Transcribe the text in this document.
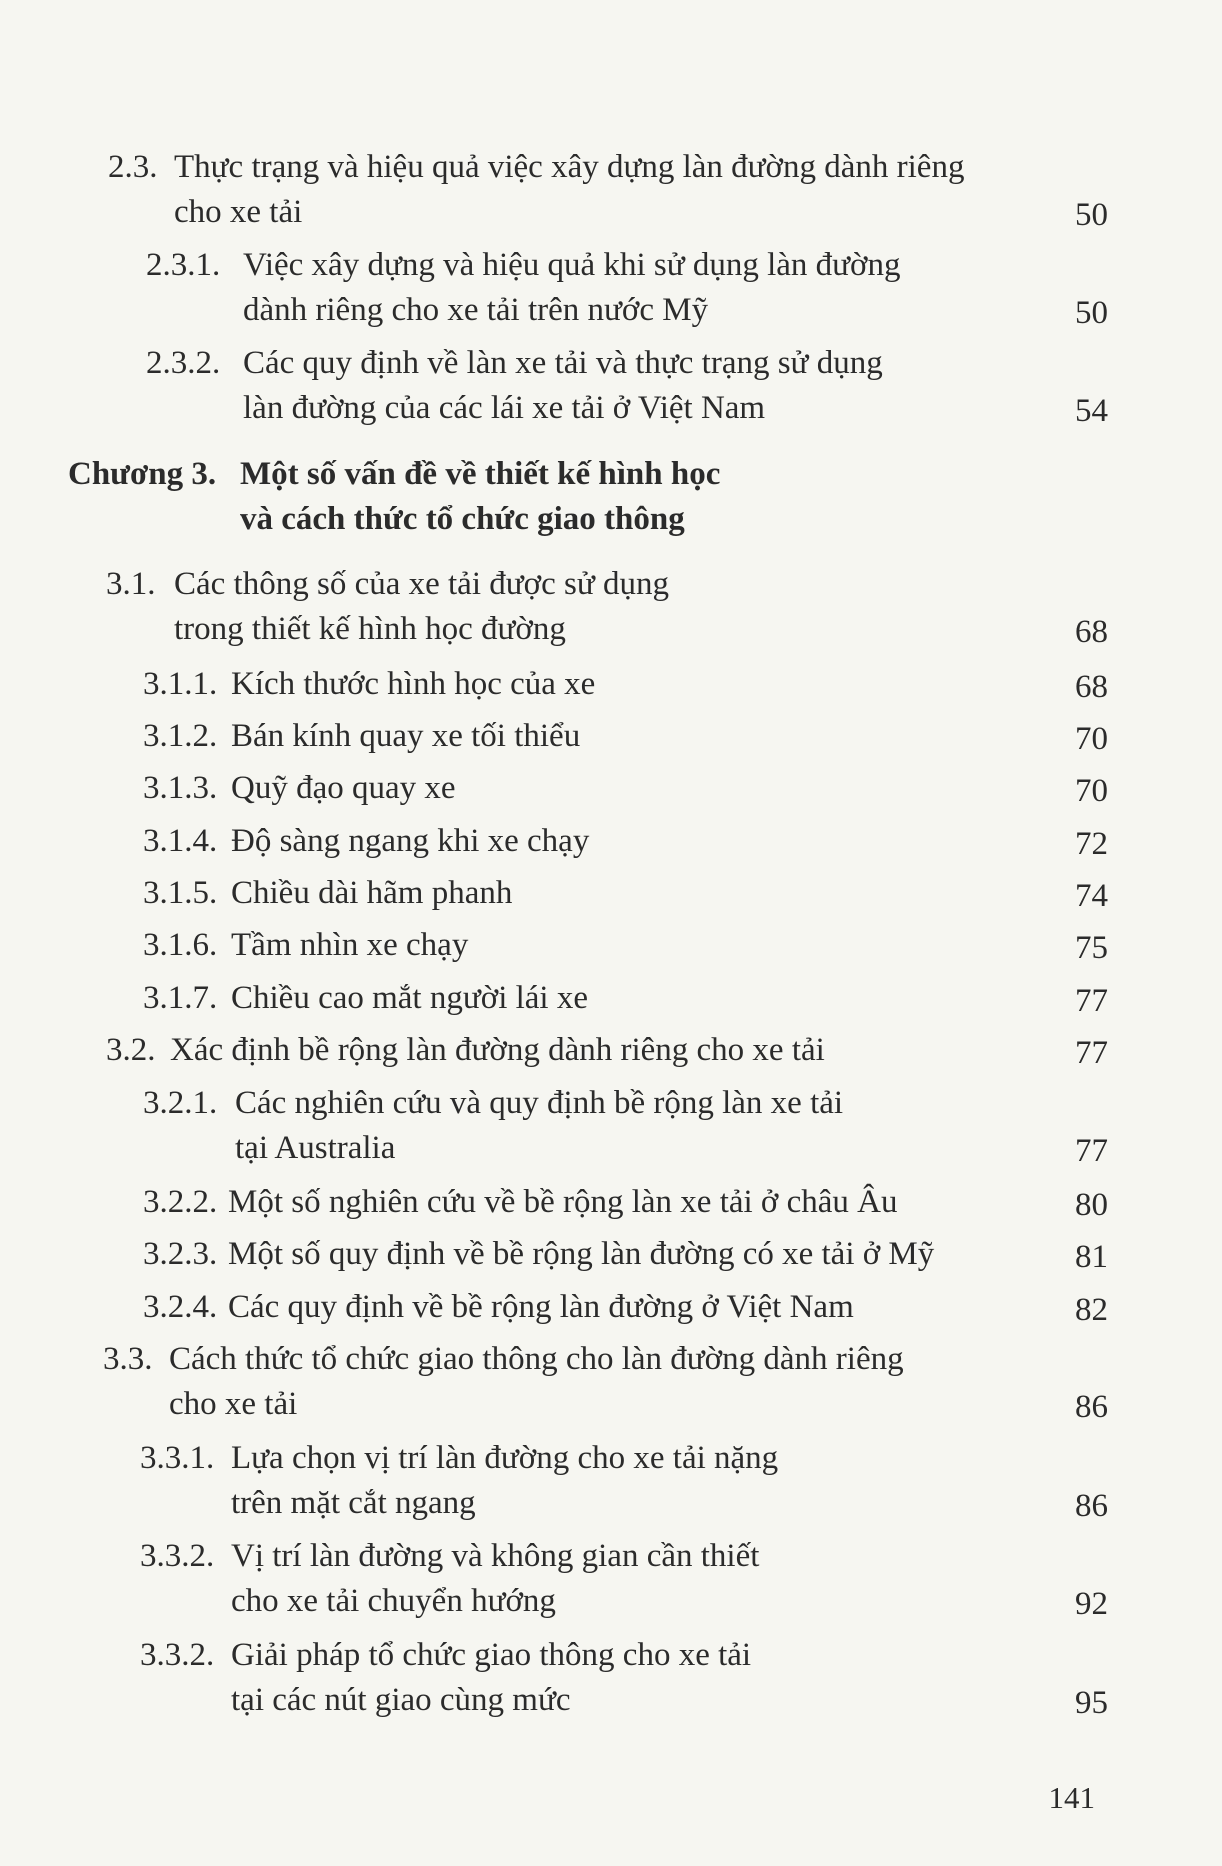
2.3. Thực trạng và hiệu quả việc xây dựng làn đường dành riêng
cho xe tải	50
2.3.1. Việc xây dựng và hiệu quả khi sử dụng làn đường
dành riêng cho xe tải trên nước Mỹ	50
2.3.2. Các quy định về làn xe tải và thực trạng sử dụng
làn đường của các lái xe tải ở Việt Nam	54
Chương 3. Một số vấn đề về thiết kế hình học
và cách thức tổ chức giao thông
3.1. Các thông số của xe tải được sử dụng
trong thiết kế hình học đường	68
3.1.1. Kích thước hình học của xe	68
3.1.2. Bán kính quay xe tối thiểu	70
3.1.3. Quỹ đạo quay xe	70
3.1.4. Độ sàng ngang khi xe chạy	72
3.1.5. Chiều dài hãm phanh	74
3.1.6. Tầm nhìn xe chạy	75
3.1.7. Chiều cao mắt người lái xe	77
3.2. Xác định bề rộng làn đường dành riêng cho xe tải	77
3.2.1. Các nghiên cứu và quy định bề rộng làn xe tải
tại Australia	77
3.2.2. Một số nghiên cứu về bề rộng làn xe tải ở châu Âu	80
3.2.3. Một số quy định về bề rộng làn đường có xe tải ở Mỹ	81
3.2.4. Các quy định về bề rộng làn đường ở Việt Nam	82
3.3. Cách thức tổ chức giao thông cho làn đường dành riêng
cho xe tải	86
3.3.1. Lựa chọn vị trí làn đường cho xe tải nặng
trên mặt cắt ngang	86
3.3.2. Vị trí làn đường và không gian cần thiết
cho xe tải chuyển hướng	92
3.3.2. Giải pháp tổ chức giao thông cho xe tải
tại các nút giao cùng mức	95
141
